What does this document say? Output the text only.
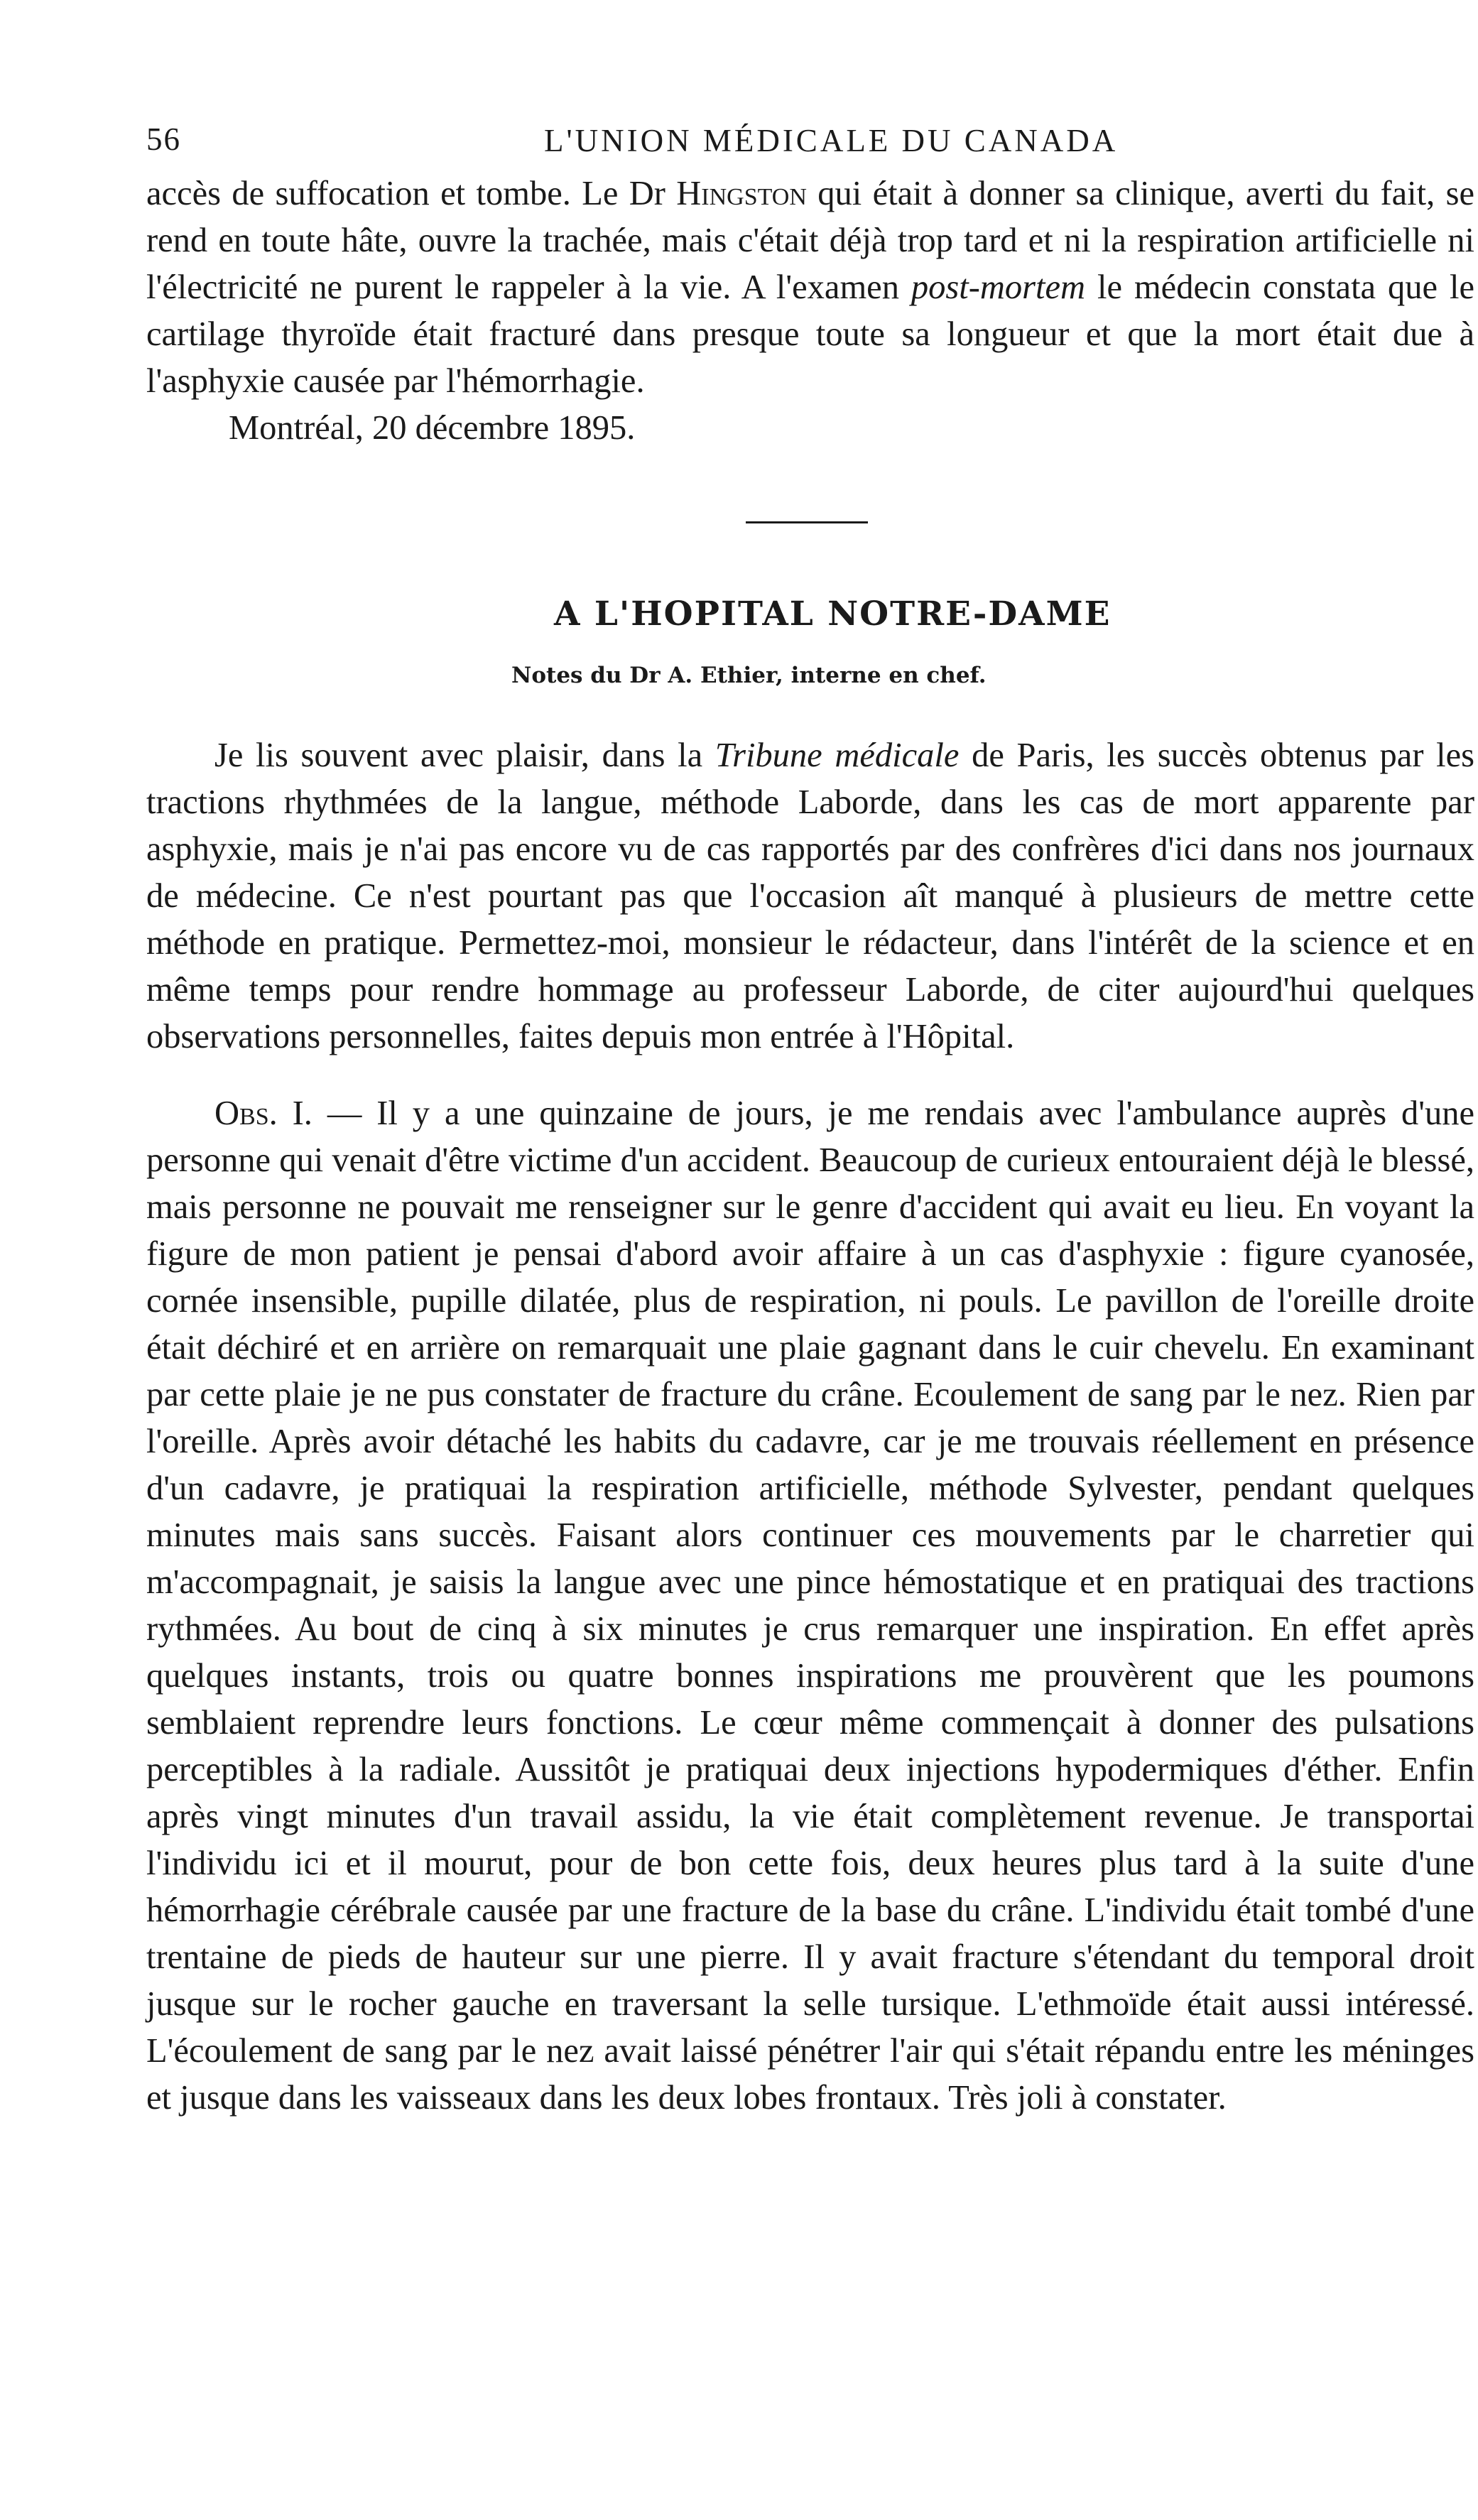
56	L'UNION MÉDICALE DU CANADA

accès de suffocation et tombe. Le Dr Hingston qui était à donner sa clinique, averti du fait, se rend en toute hâte, ouvre la trachée, mais c'était déjà trop tard et ni la respiration artificielle ni l'électricité ne purent le rappeler à la vie. A l'examen post-mortem le médecin constata que le cartilage thyroïde était fracturé dans presque toute sa longueur et que la mort était due à l'asphyxie causée par l'hémorrhagie.

Montréal, 20 décembre 1895.
A L'HOPITAL NOTRE-DAME
Notes du Dr A. Ethier, interne en chef.

Je lis souvent avec plaisir, dans la Tribune médicale de Paris, les succès obtenus par les tractions rhythmées de la langue, méthode Laborde, dans les cas de mort apparente par asphyxie, mais je n'ai pas encore vu de cas rapportés par des confrères d'ici dans nos journaux de médecine. Ce n'est pourtant pas que l'occasion aît manqué à plusieurs de mettre cette méthode en pratique. Permettez-moi, monsieur le rédacteur, dans l'intérêt de la science et en même temps pour rendre hommage au professeur Laborde, de citer aujourd'hui quelques observations personnelles, faites depuis mon entrée à l'Hôpital.

Obs. I. — Il y a une quinzaine de jours, je me rendais avec l'ambulance auprès d'une personne qui venait d'être victime d'un accident. Beaucoup de curieux entouraient déjà le blessé, mais personne ne pouvait me renseigner sur le genre d'accident qui avait eu lieu. En voyant la figure de mon patient je pensai d'abord avoir affaire à un cas d'asphyxie : figure cyanosée, cornée insensible, pupille dilatée, plus de respiration, ni pouls. Le pavillon de l'oreille droite était déchiré et en arrière on remarquait une plaie gagnant dans le cuir chevelu. En examinant par cette plaie je ne pus constater de fracture du crâne. Ecoulement de sang par le nez. Rien par l'oreille. Après avoir détaché les habits du cadavre, car je me trouvais réellement en présence d'un cadavre, je pratiquai la respiration artificielle, méthode Sylvester, pendant quelques minutes mais sans succès. Faisant alors continuer ces mouvements par le charretier qui m'accompagnait, je saisis la langue avec une pince hémostatique et en pratiquai des tractions rythmées. Au bout de cinq à six minutes je crus remarquer une inspiration. En effet après quelques instants, trois ou quatre bonnes inspirations me prouvèrent que les poumons semblaient reprendre leurs fonctions. Le cœur même commençait à donner des pulsations perceptibles à la radiale. Aussitôt je pratiquai deux injections hypodermiques d'éther. Enfin après vingt minutes d'un travail assidu, la vie était complètement revenue. Je transportai l'individu ici et il mourut, pour de bon cette fois, deux heures plus tard à la suite d'une hémorrhagie cérébrale causée par une fracture de la base du crâne. L'individu était tombé d'une trentaine de pieds de hauteur sur une pierre. Il y avait fracture s'étendant du temporal droit jusque sur le rocher gauche en traversant la selle tursique. L'ethmoïde était aussi intéressé. L'écoulement de sang par le nez avait laissé pénétrer l'air qui s'était répandu entre les méninges et jusque dans les vaisseaux dans les deux lobes frontaux. Très joli à constater.
